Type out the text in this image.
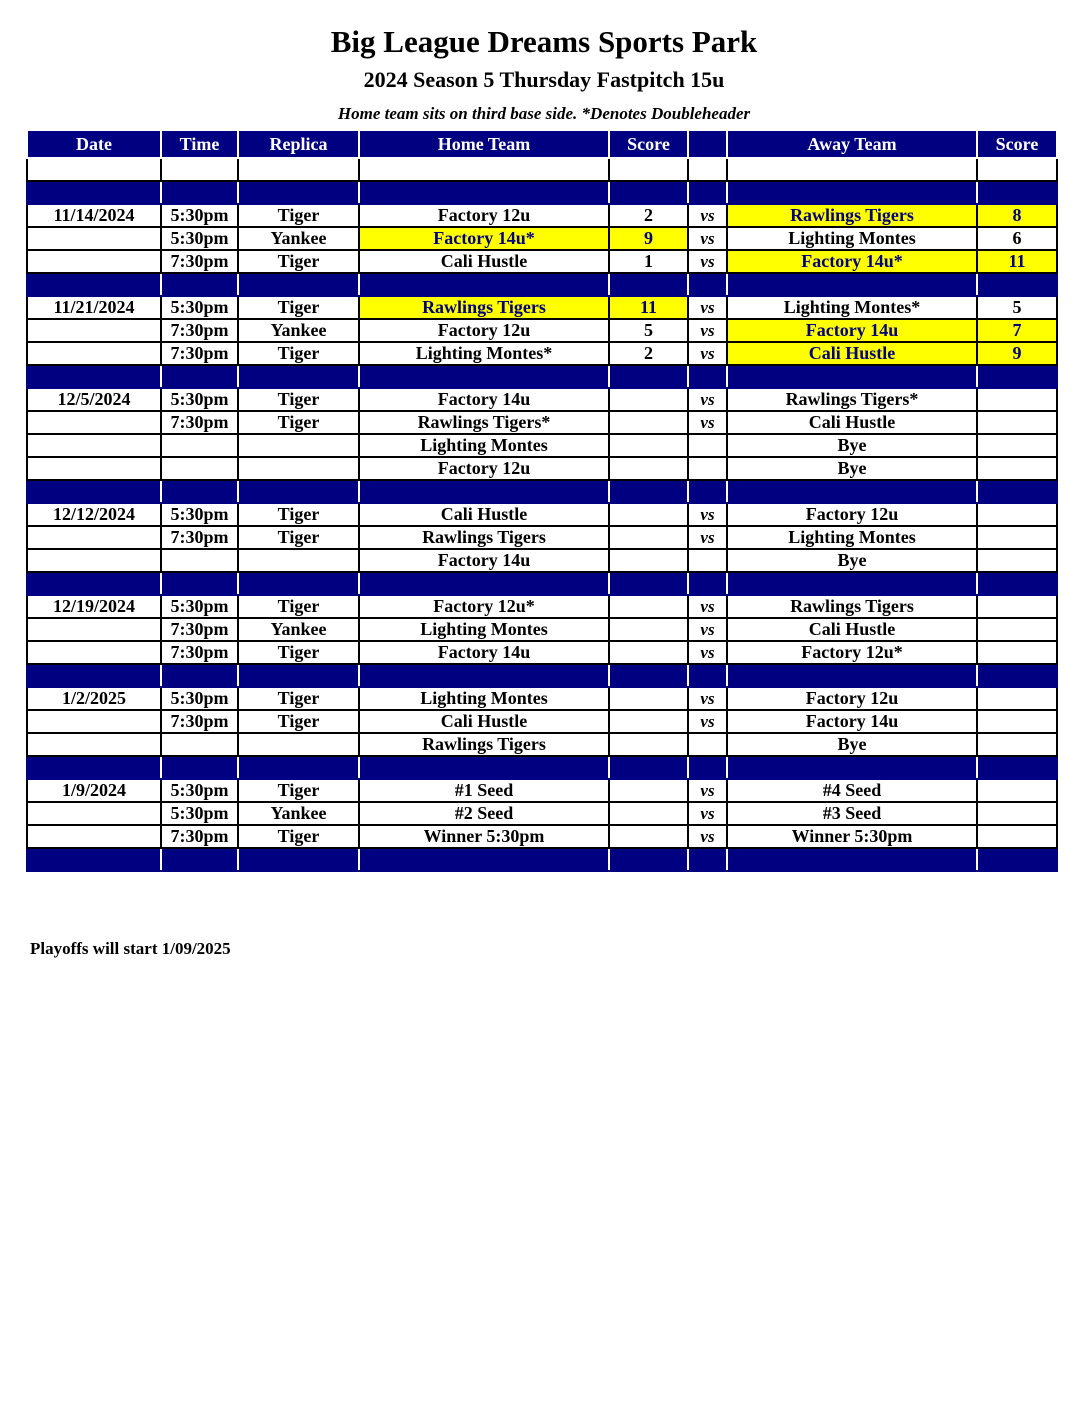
Big League Dreams Sports Park
2024 Season 5 Thursday Fastpitch 15u
Home team sits on third base side. *Denotes Doubleheader
Date	Time	Replica	Home Team	Score		Away Team	Score

11/14/2024	5:30pm	Tiger	Factory 12u	2	vs	Rawlings Tigers	8
	5:30pm	Yankee	Factory 14u*	9	vs	Lighting Montes	6
	7:30pm	Tiger	Cali Hustle	1	vs	Factory 14u*	11

11/21/2024	5:30pm	Tiger	Rawlings Tigers	11	vs	Lighting Montes*	5
	7:30pm	Yankee	Factory 12u	5	vs	Factory 14u	7
	7:30pm	Tiger	Lighting Montes*	2	vs	Cali Hustle	9

12/5/2024	5:30pm	Tiger	Factory 14u		vs	Rawlings Tigers*	
	7:30pm	Tiger	Rawlings Tigers*		vs	Cali Hustle	
			Lighting Montes			Bye	
			Factory 12u			Bye	

12/12/2024	5:30pm	Tiger	Cali Hustle		vs	Factory 12u	
	7:30pm	Tiger	Rawlings Tigers		vs	Lighting Montes	
			Factory 14u			Bye	

12/19/2024	5:30pm	Tiger	Factory 12u*		vs	Rawlings Tigers	
	7:30pm	Yankee	Lighting Montes		vs	Cali Hustle	
	7:30pm	Tiger	Factory 14u		vs	Factory 12u*	

1/2/2025	5:30pm	Tiger	Lighting Montes		vs	Factory 12u	
	7:30pm	Tiger	Cali Hustle		vs	Factory 14u	
			Rawlings Tigers			Bye	

1/9/2024	5:30pm	Tiger	#1 Seed		vs	#4 Seed	
	5:30pm	Yankee	#2 Seed		vs	#3 Seed	
	7:30pm	Tiger	Winner 5:30pm		vs	Winner 5:30pm	

Playoffs will start 1/09/2025
